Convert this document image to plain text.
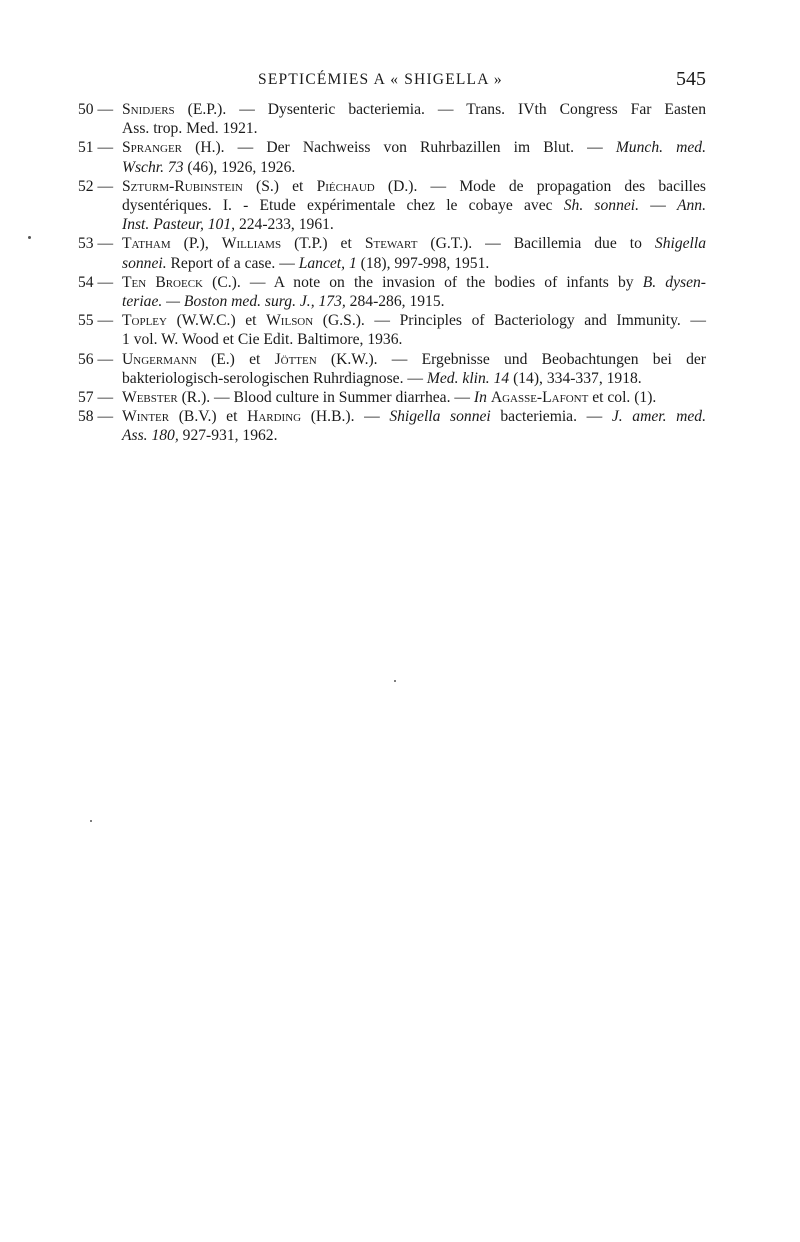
SEPTICÉMIES A « SHIGELLA »	545
50 — Snidjers (E.P.). — Dysenteric bacteriemia. — Trans. IVth Congress Far Easten
Ass. trop. Med. 1921.
51 — Spranger (H.). — Der Nachweiss von Ruhrbazillen im Blut. — Munch. med.
Wschr. 73 (46), 1926, 1926.
52 — Szturm-Rubinstein (S.) et Piéchaud (D.). — Mode de propagation des bacilles
dysentériques. I. - Etude expérimentale chez le cobaye avec Sh. sonnei. — Ann.
Inst. Pasteur, 101, 224-233, 1961.
53 — Tatham (P.), Williams (T.P.) et Stewart (G.T.). — Bacillemia due to Shigella
sonnei. Report of a case. — Lancet, 1 (18), 997-998, 1951.
54 — Ten Broeck (C.). — A note on the invasion of the bodies of infants by B. dysen-
teriae. — Boston med. surg. J., 173, 284-286, 1915.
55 — Topley (W.W.C.) et Wilson (G.S.). — Principles of Bacteriology and Immunity. —
1 vol. W. Wood et Cie Edit. Baltimore, 1936.
56 — Ungermann (E.) et Jötten (K.W.). — Ergebnisse und Beobachtungen bei der
bakteriologisch-serologischen Ruhrdiagnose. — Med. klin. 14 (14), 334-337, 1918.
57 — Webster (R.). — Blood culture in Summer diarrhea. — In Agasse-Lafont et col. (1).
58 — Winter (B.V.) et Harding (H.B.). — Shigella sonnei bacteriemia. — J. amer. med.
Ass. 180, 927-931, 1962.
